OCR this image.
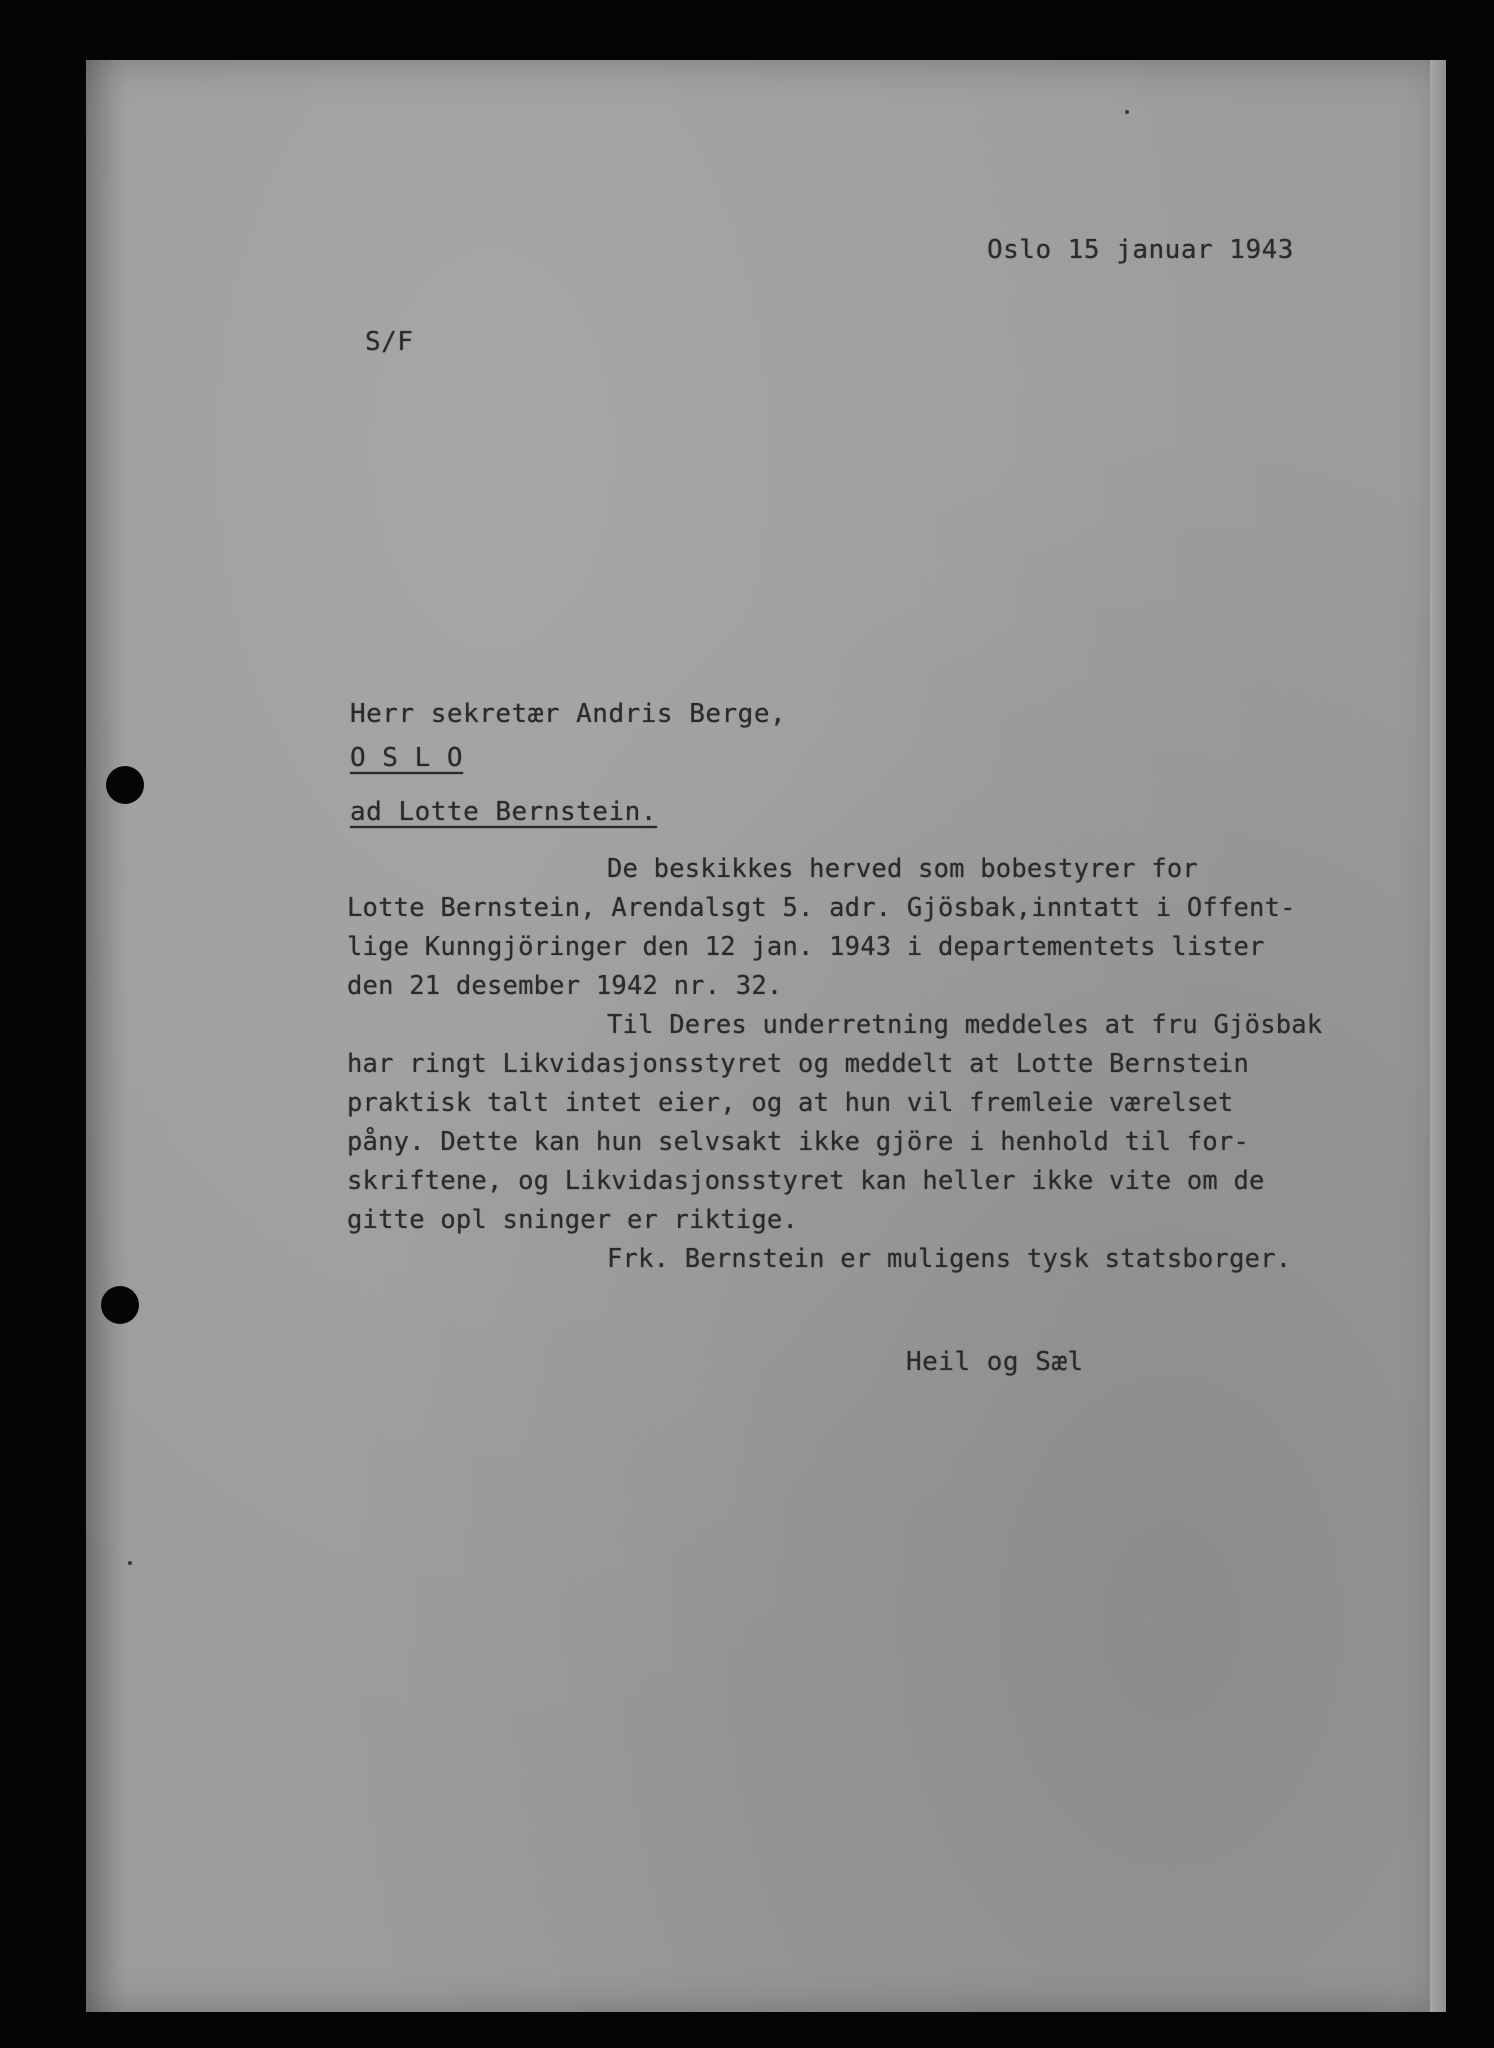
Oslo 15 januar 1943
S/F
Herr sekretær Andris Berge,
O S L O
ad Lotte Bernstein.
De beskikkes herved som bobestyrer for
Lotte Bernstein, Arendalsgt 5. adr. Gjösbak,inntatt i Offent-
lige Kunngjöringer den 12 jan. 1943 i departementets lister
den 21 desember 1942 nr. 32.
Til Deres underretning meddeles at fru Gjösbak
har ringt Likvidasjonsstyret og meddelt at Lotte Bernstein
praktisk talt intet eier, og at hun vil fremleie værelset
påny. Dette kan hun selvsakt ikke gjöre i henhold til for-
skriftene, og Likvidasjonsstyret kan heller ikke vite om de
gitte opl sninger er riktige.
Frk. Bernstein er muligens tysk statsborger.
Heil og Sæl
